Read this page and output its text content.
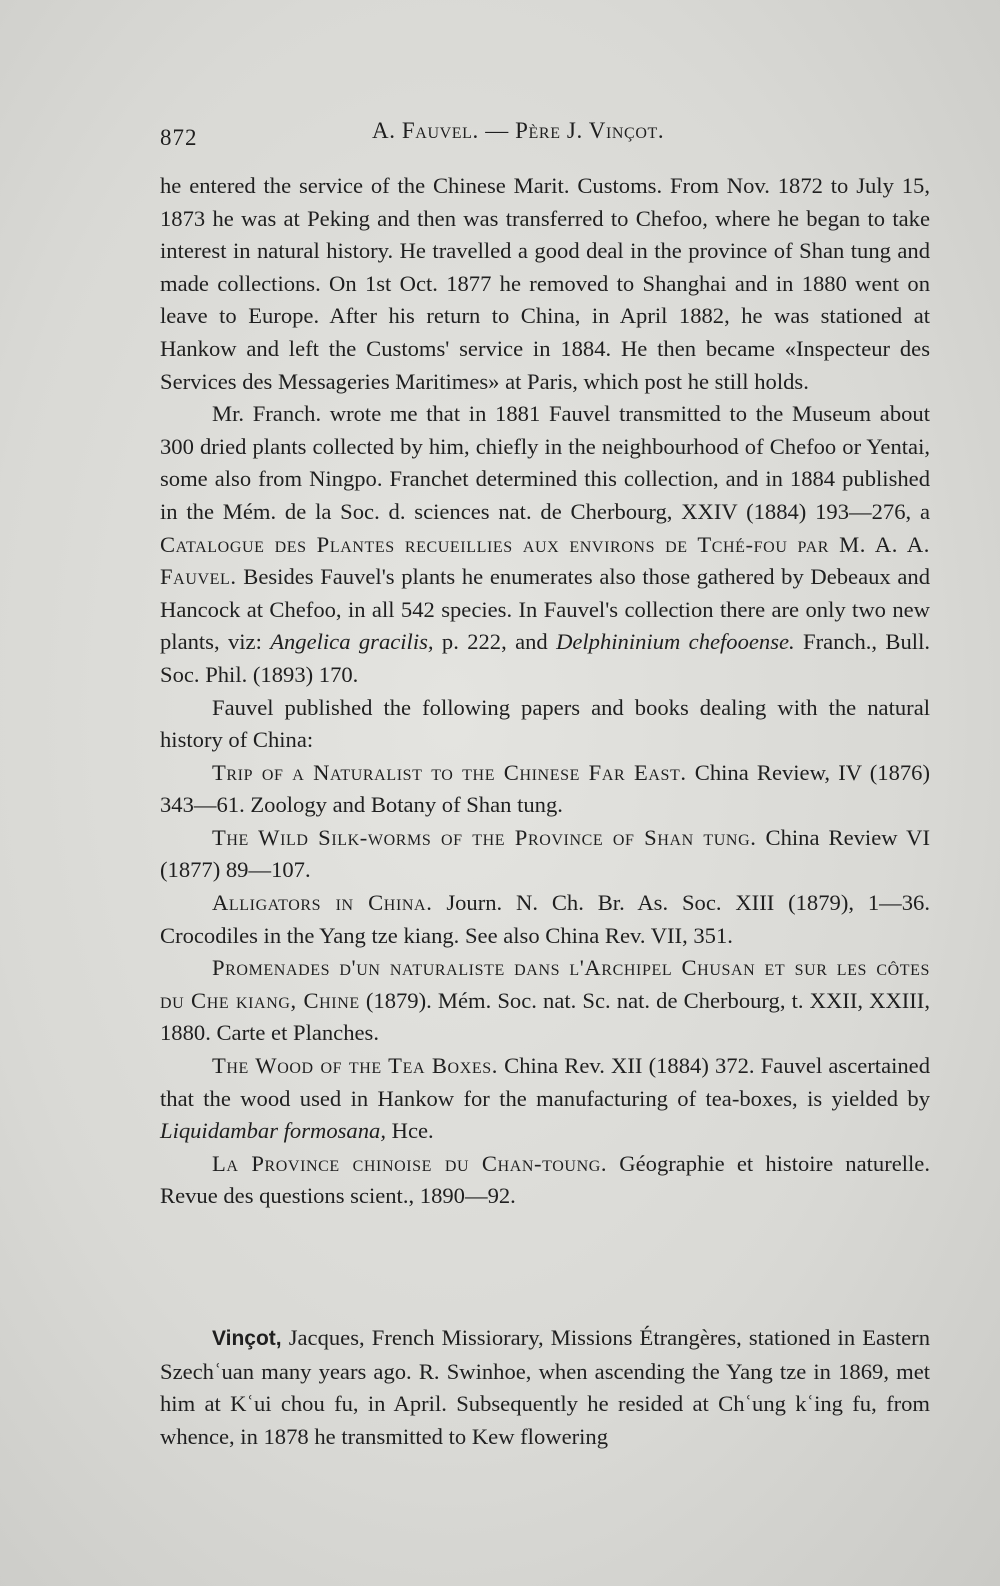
872	A. Fauvel. — Père J. Vinçot.

he entered the service of the Chinese Marit. Customs. From Nov. 1872 to July 15, 1873 he was at Peking and then was transferred to Chefoo, where he began to take interest in natural history. He travelled a good deal in the province of Shan tung and made collections. On 1st Oct. 1877 he removed to Shanghai and in 1880 went on leave to Europe. After his return to China, in April 1882, he was stationed at Hankow and left the Customs' service in 1884. He then became «Inspecteur des Services des Messageries Maritimes» at Paris, which post he still holds.

Mr. Franch. wrote me that in 1881 Fauvel transmitted to the Museum about 300 dried plants collected by him, chiefly in the neighbourhood of Chefoo or Yentai, some also from Ningpo. Franchet determined this collection, and in 1884 published in the Mém. de la Soc. d. sciences nat. de Cherbourg, XXIV (1884) 193—276, a Catalogue des Plantes recueillies aux environs de Tché-fou par M. A. A. Fauvel. Besides Fauvel's plants he enumerates also those gathered by Debeaux and Hancock at Chefoo, in all 542 species. In Fauvel's collection there are only two new plants, viz: Angelica gracilis, p. 222, and Delphininium chefooense. Franch., Bull. Soc. Phil. (1893) 170.

Fauvel published the following papers and books dealing with the natural history of China:

Trip of a Naturalist to the Chinese Far East. China Review, IV (1876) 343—61. Zoology and Botany of Shan tung.

The Wild Silk-worms of the Province of Shan tung. China Review VI (1877) 89—107.

Alligators in China. Journ. N. Ch. Br. As. Soc. XIII (1879), 1—36. Crocodiles in the Yang tze kiang. See also China Rev. VII, 351.

Promenades d'un naturaliste dans l'Archipel Chusan et sur les côtes du Che kiang, Chine (1879). Mém. Soc. nat. Sc. nat. de Cherbourg, t. XXII, XXIII, 1880. Carte et Planches.

The Wood of the Tea Boxes. China Rev. XII (1884) 372. Fauvel ascertained that the wood used in Hankow for the manufacturing of tea-boxes, is yielded by Liquidambar formosana, Hce.

La Province chinoise du Chan-toung. Géographie et histoire naturelle. Revue des questions scient., 1890—92.

Vinçot, Jacques, French Missiorary, Missions Étrangères, stationed in Eastern Szechʿuan many years ago. R. Swinhoe, when ascending the Yang tze in 1869, met him at Kʿui chou fu, in April. Subsequently he resided at Chʿung kʿing fu, from whence, in 1878 he transmitted to Kew flowering
